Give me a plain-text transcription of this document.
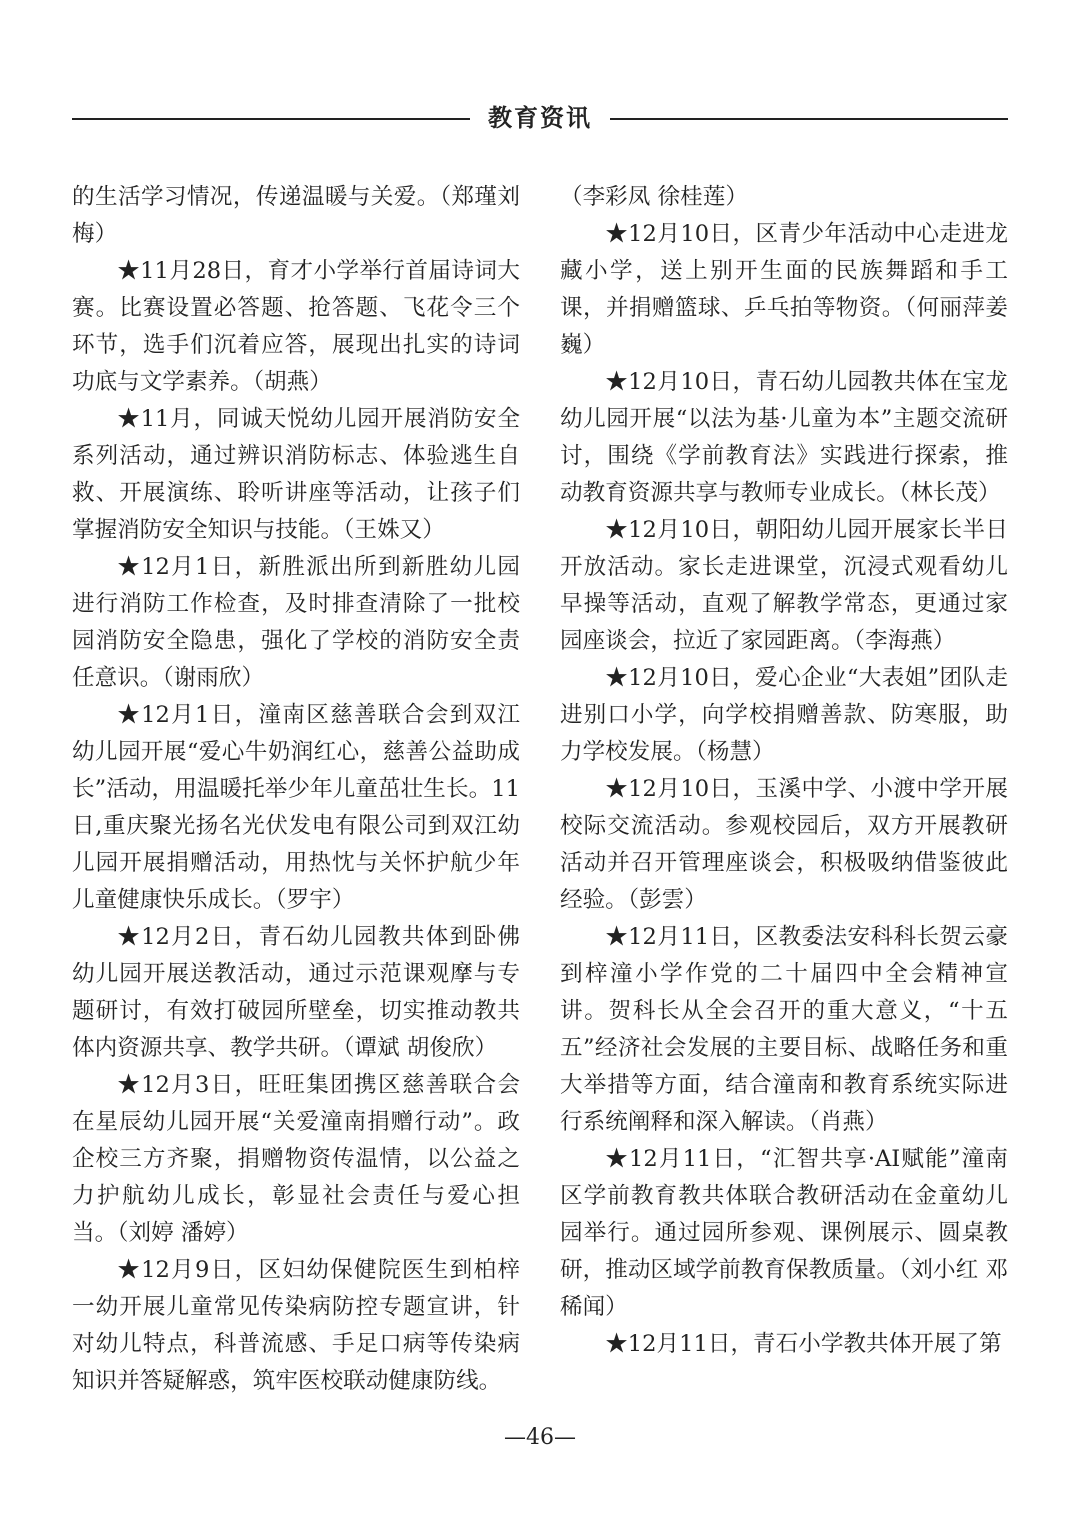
教育资讯

的生活学习情况，传递温暖与关爱。（郑瑾刘梅）

★11月28日，育才小学举行首届诗词大赛。比赛设置必答题、抢答题、飞花令三个环节，选手们沉着应答，展现出扎实的诗词功底与文学素养。（胡燕）

★11月，同诚天悦幼儿园开展消防安全系列活动，通过辨识消防标志、体验逃生自救、开展演练、聆听讲座等活动，让孩子们掌握消防安全知识与技能。（王姝又）

★12月1日，新胜派出所到新胜幼儿园进行消防工作检查，及时排查清除了一批校园消防安全隐患，强化了学校的消防安全责任意识。（谢雨欣）

★12月1日，潼南区慈善联合会到双江幼儿园开展“爱心牛奶润红心，慈善公益助成长”活动，用温暖托举少年儿童茁壮生长。11日,重庆聚光扬名光伏发电有限公司到双江幼儿园开展捐赠活动，用热忱与关怀护航少年儿童健康快乐成长。（罗宇）

★12月2日，青石幼儿园教共体到卧佛幼儿园开展送教活动，通过示范课观摩与专题研讨，有效打破园所壁垒，切实推动教共体内资源共享、教学共研。（谭斌 胡俊欣）

★12月3日，旺旺集团携区慈善联合会在星辰幼儿园开展“关爱潼南捐赠行动”。政企校三方齐聚，捐赠物资传温情，以公益之力护航幼儿成长，彰显社会责任与爱心担当。（刘婷 潘婷）

★12月9日，区妇幼保健院医生到柏梓一幼开展儿童常见传染病防控专题宣讲，针对幼儿特点，科普流感、手足口病等传染病知识并答疑解惑，筑牢医校联动健康防线。

（李彩凤 徐桂莲）

★12月10日，区青少年活动中心走进龙藏小学，送上别开生面的民族舞蹈和手工课，并捐赠篮球、乒乓拍等物资。（何丽萍姜巍）

★12月10日，青石幼儿园教共体在宝龙幼儿园开展“以法为基·儿童为本”主题交流研讨，围绕《学前教育法》实践进行探索，推动教育资源共享与教师专业成长。（林长茂）

★12月10日，朝阳幼儿园开展家长半日开放活动。家长走进课堂，沉浸式观看幼儿早操等活动，直观了解教学常态，更通过家园座谈会，拉近了家园距离。（李海燕）

★12月10日，爱心企业“大表姐”团队走进别口小学，向学校捐赠善款、防寒服，助力学校发展。（杨慧）

★12月10日，玉溪中学、小渡中学开展校际交流活动。参观校园后，双方开展教研活动并召开管理座谈会，积极吸纳借鉴彼此经验。（彭雲）

★12月11日，区教委法安科科长贺云豪到梓潼小学作党的二十届四中全会精神宣讲。贺科长从全会召开的重大意义，“十五五”经济社会发展的主要目标、战略任务和重大举措等方面，结合潼南和教育系统实际进行系统阐释和深入解读。（肖燕）

★12月11日，“汇智共享·AI赋能”潼南区学前教育教共体联合教研活动在金童幼儿园举行。通过园所参观、课例展示、圆桌教研，推动区域学前教育保教质量。（刘小红 邓稀闻）

★12月11日，青石小学教共体开展了第

—46—
